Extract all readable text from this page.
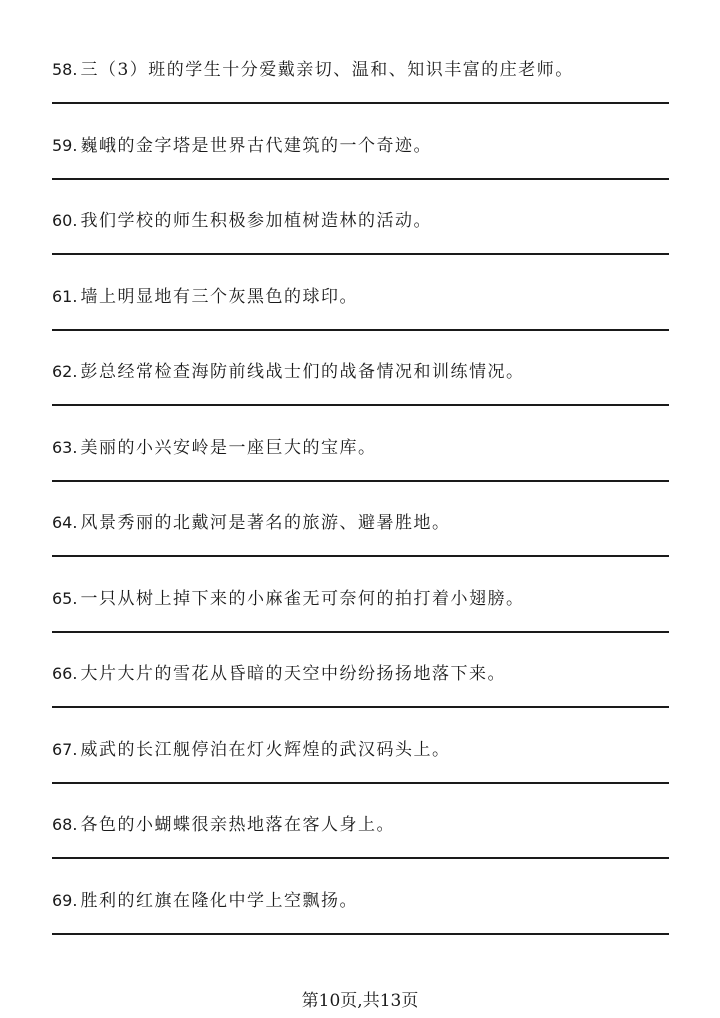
58. 三（3）班的学生十分爱戴亲切、温和、知识丰富的庄老师。
59. 巍峨的金字塔是世界古代建筑的一个奇迹。
60. 我们学校的师生积极参加植树造林的活动。
61. 墙上明显地有三个灰黑色的球印。
62. 彭总经常检查海防前线战士们的战备情况和训练情况。
63. 美丽的小兴安岭是一座巨大的宝库。
64. 风景秀丽的北戴河是著名的旅游、避暑胜地。
65. 一只从树上掉下来的小麻雀无可奈何的拍打着小翅膀。
66. 大片大片的雪花从昏暗的天空中纷纷扬扬地落下来。
67. 威武的长江舰停泊在灯火辉煌的武汉码头上。
68. 各色的小蝴蝶很亲热地落在客人身上。
69. 胜利的红旗在隆化中学上空飘扬。
第10页,共13页
